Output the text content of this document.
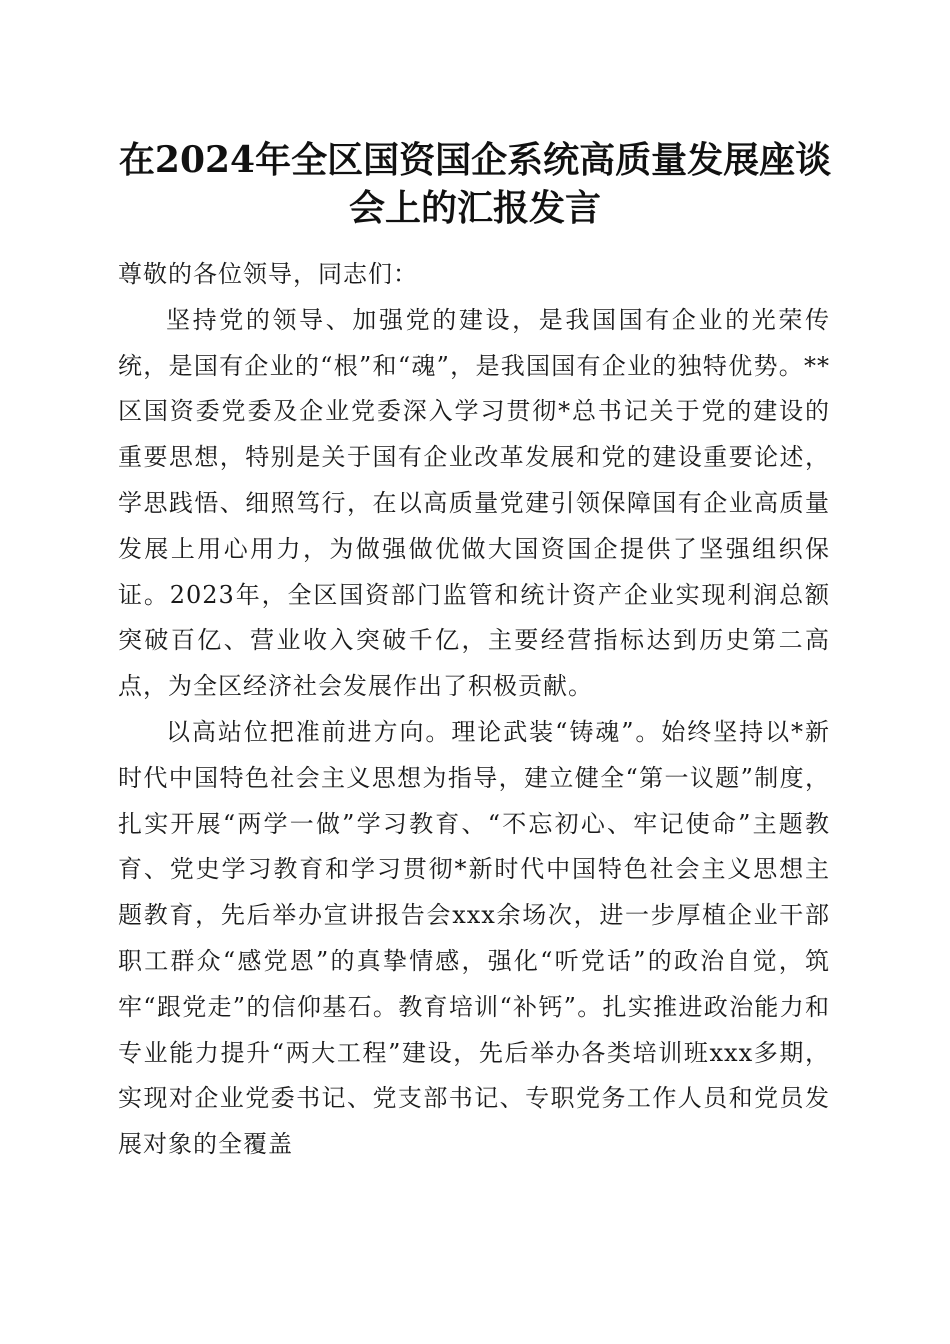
在2024年全区国资国企系统高质量发展座谈
会上的汇报发言

尊敬的各位领导，同志们：

坚持党的领导、加强党的建设，是我国国有企业的光荣传统，是国有企业的“根”和“魂”，是我国国有企业的独特优势。**区国资委党委及企业党委深入学习贯彻*总书记关于党的建设的重要思想，特别是关于国有企业改革发展和党的建设重要论述，学思践悟、细照笃行，在以高质量党建引领保障国有企业高质量发展上用心用力，为做强做优做大国资国企提供了坚强组织保证。2023年，全区国资部门监管和统计资产企业实现利润总额突破百亿、营业收入突破千亿，主要经营指标达到历史第二高点，为全区经济社会发展作出了积极贡献。

以高站位把准前进方向。理论武装“铸魂”。始终坚持以*新时代中国特色社会主义思想为指导，建立健全“第一议题”制度，扎实开展“两学一做”学习教育、“不忘初心、牢记使命”主题教育、党史学习教育和学习贯彻*新时代中国特色社会主义思想主题教育，先后举办宣讲报告会xxx余场次，进一步厚植企业干部职工群众“感党恩”的真挚情感，强化“听党话”的政治自觉，筑牢“跟党走”的信仰基石。教育培训“补钙”。扎实推进政治能力和专业能力提升“两大工程”建设，先后举办各类培训班xxx多期，实现对企业党委书记、党支部书记、专职党务工作人员和党员发展对象的全覆盖
